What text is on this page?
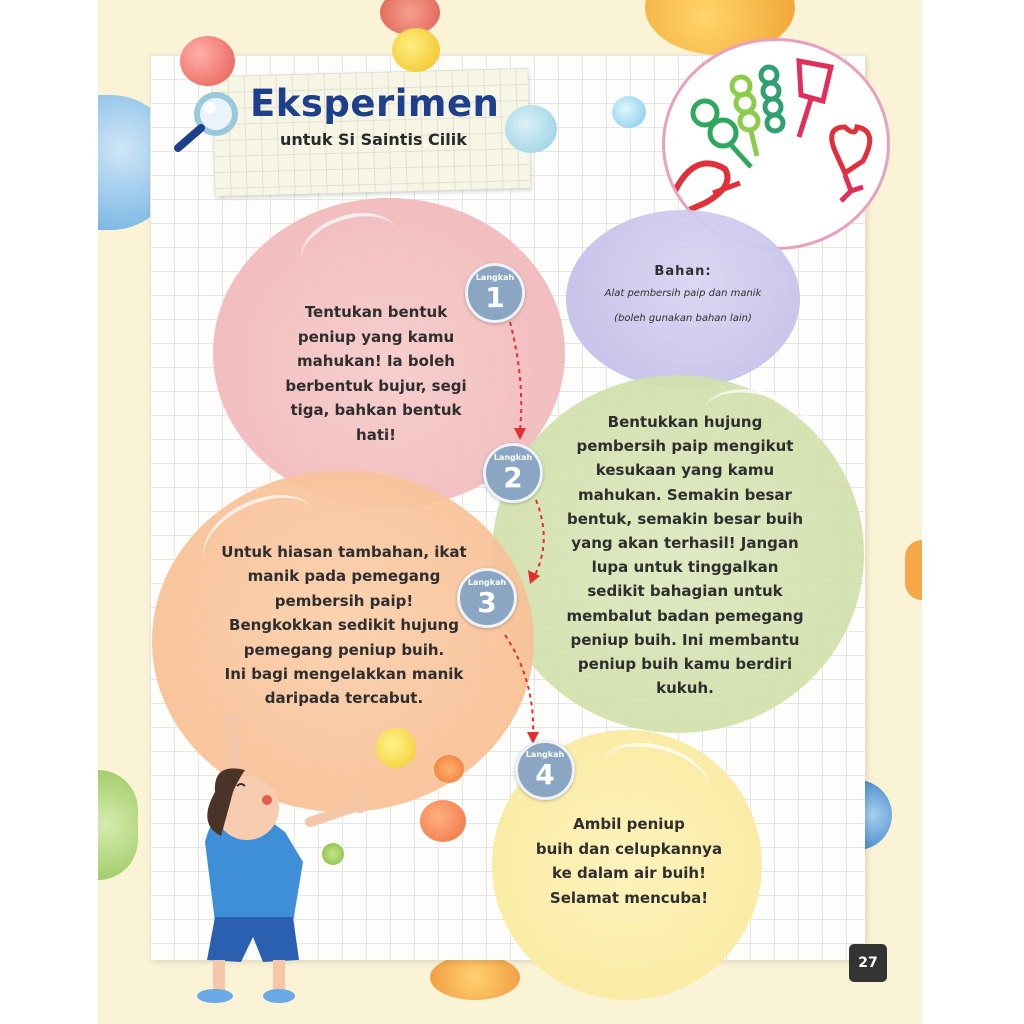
Eksperimen
untuk Si Saintis Cilik
Bahan:
Alat pembersih paip dan manik
(boleh gunakan bahan lain)
Langkah
1
Langkah
2
Langkah
3
Langkah
4
Tentukan bentuk
peniup yang kamu
mahukan! Ia boleh
berbentuk bujur, segi
tiga, bahkan bentuk
hati!
Bentukkan hujung
pembersih paip mengikut
kesukaan yang kamu
mahukan. Semakin besar
bentuk, semakin besar buih
yang akan terhasil! Jangan
lupa untuk tinggalkan
sedikit bahagian untuk
membalut badan pemegang
peniup buih. Ini membantu
peniup buih kamu berdiri
kukuh.
Untuk hiasan tambahan, ikat
manik pada pemegang
pembersih paip!
Bengkokkan sedikit hujung
pemegang peniup buih.
Ini bagi mengelakkan manik
daripada tercabut.
Ambil peniup
buih dan celupkannya
ke dalam air buih!
Selamat mencuba!
27
